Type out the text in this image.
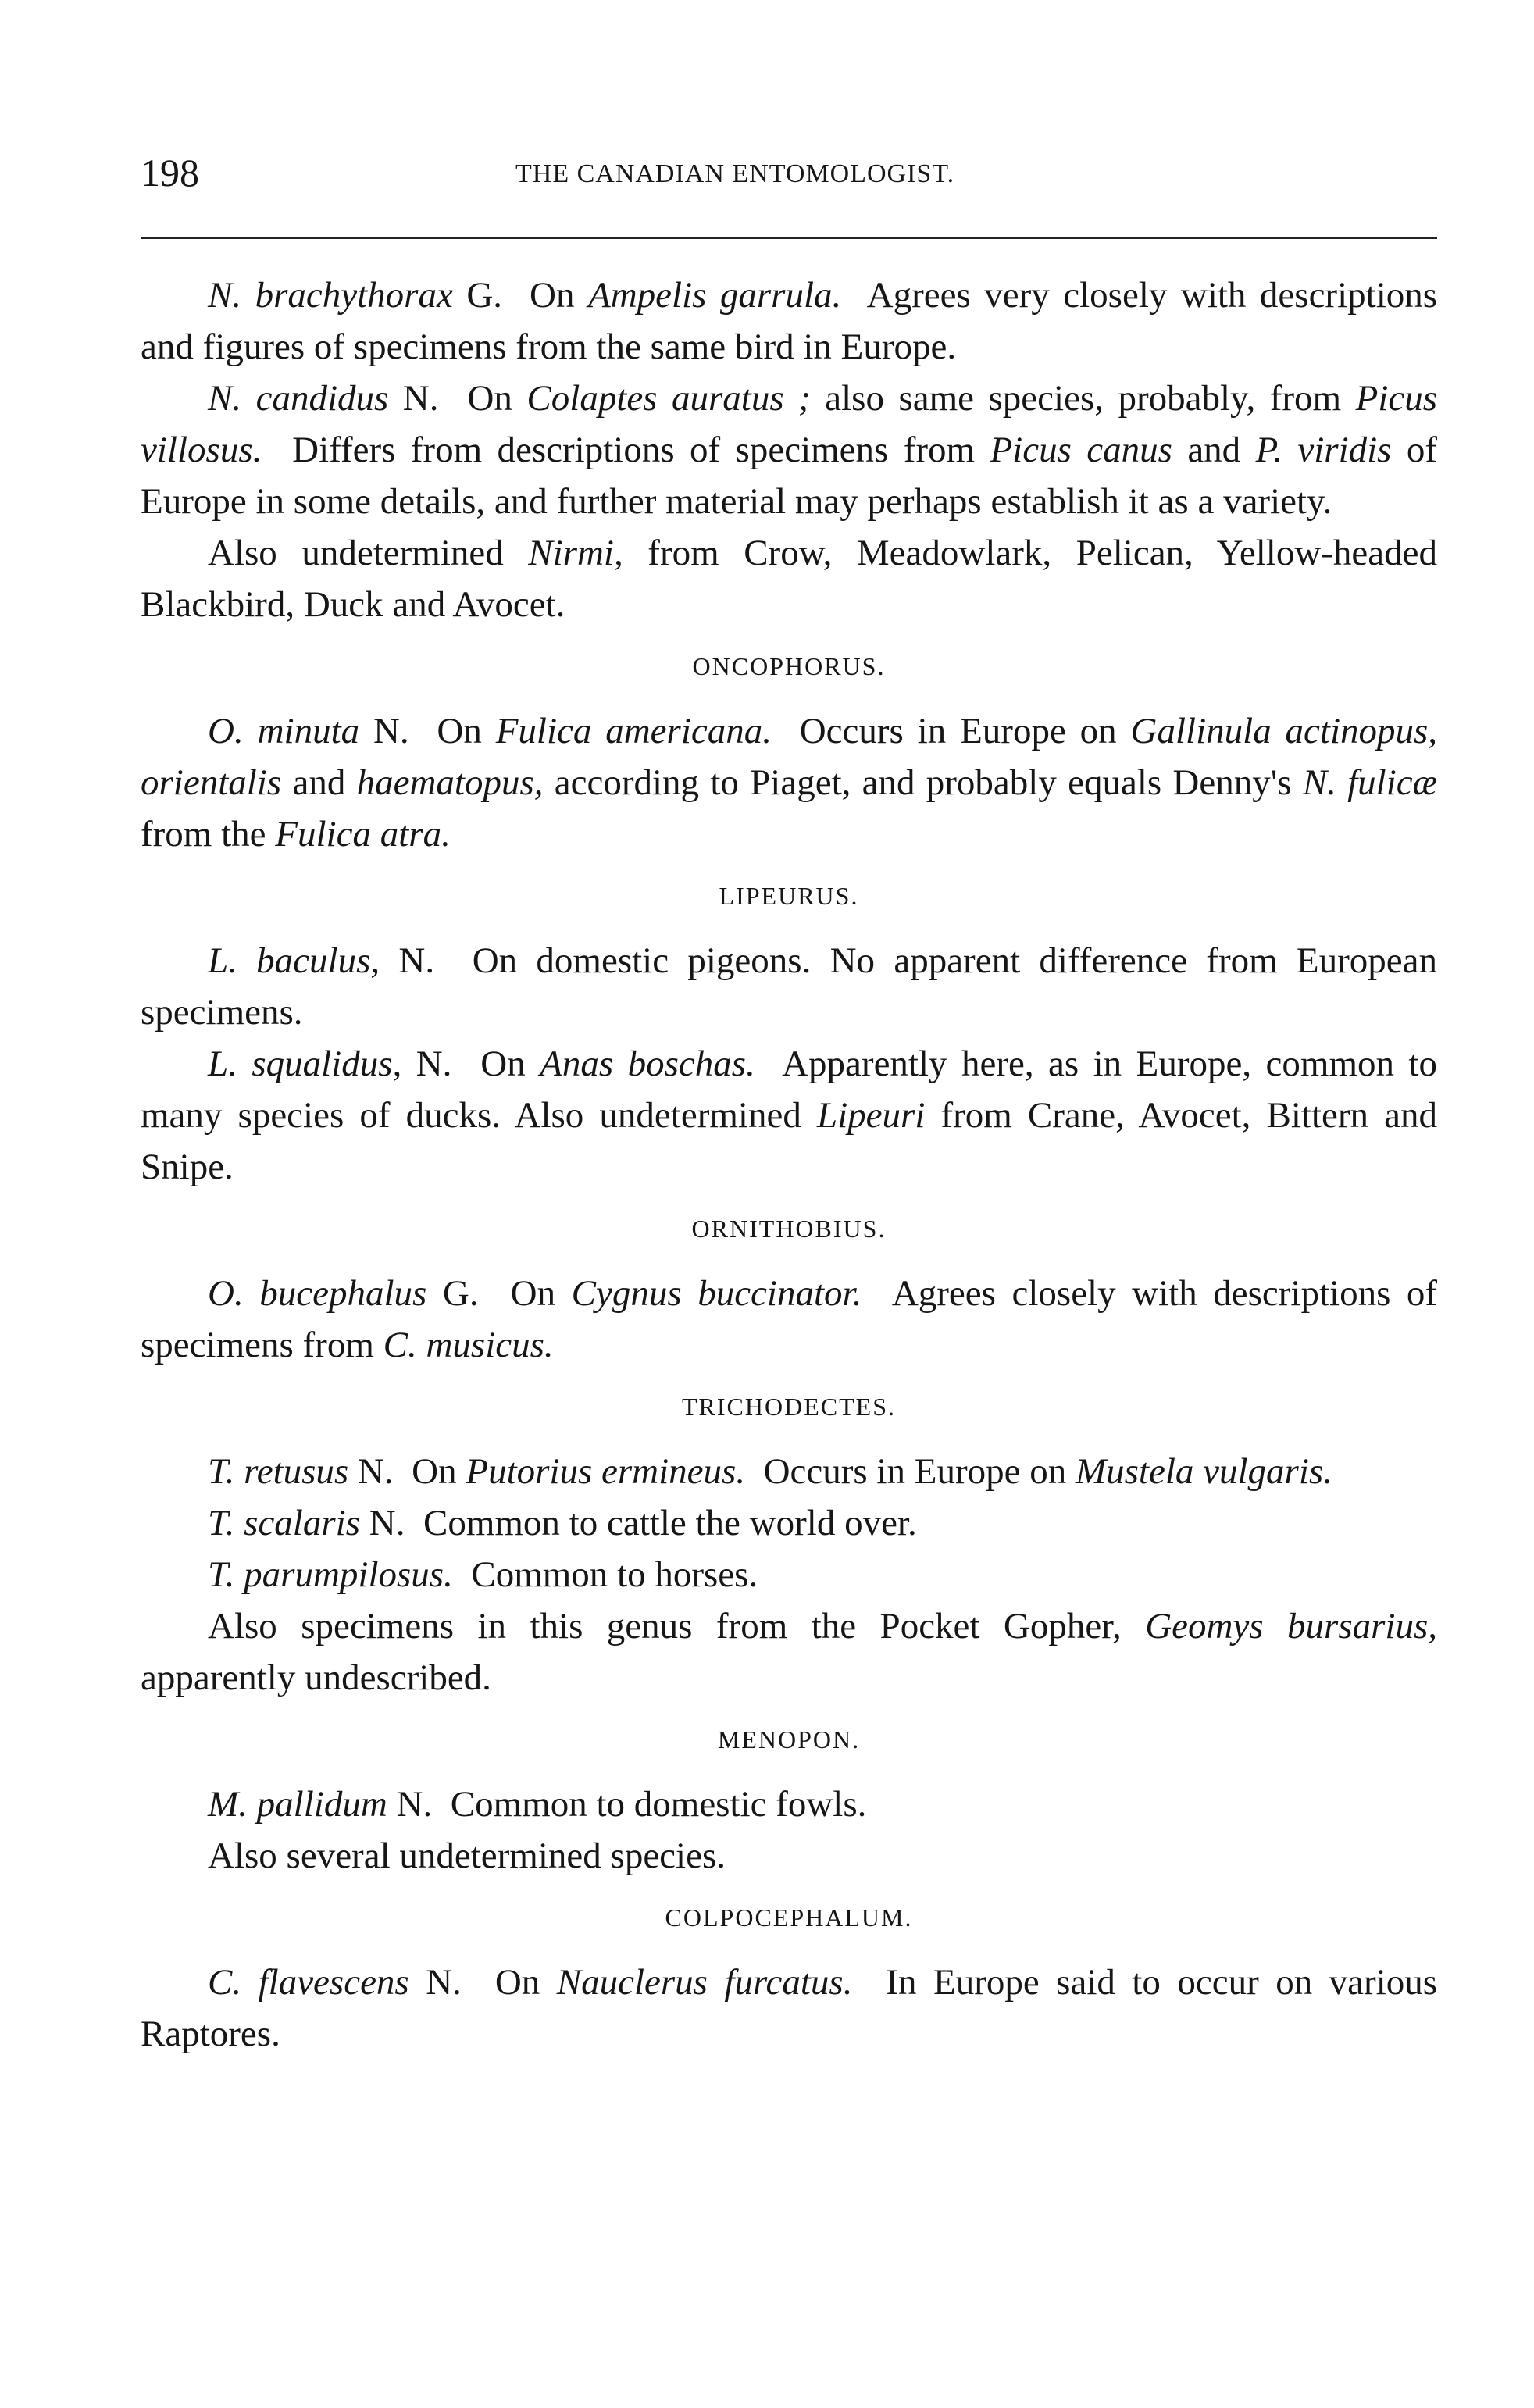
198	THE CANADIAN ENTOMOLOGIST.

N. brachythorax G. On Ampelis garrula. Agrees very closely with descriptions and figures of specimens from the same bird in Europe.

N. candidus N. On Colaptes auratus ; also same species, probably, from Picus villosus. Differs from descriptions of specimens from Picus canus and P. viridis of Europe in some details, and further material may perhaps establish it as a variety.

Also undetermined Nirmi, from Crow, Meadowlark, Pelican, Yellow-headed Blackbird, Duck and Avocet.

ONCOPHORUS.

O. minuta N. On Fulica americana. Occurs in Europe on Gallinula actinopus, orientalis and haematopus, according to Piaget, and probably equals Denny's N. fulicæ from the Fulica atra.

LIPEURUS.

L. baculus, N. On domestic pigeons. No apparent difference from European specimens.

L. squalidus, N. On Anas boschas. Apparently here, as in Europe, common to many species of ducks. Also undetermined Lipeuri from Crane, Avocet, Bittern and Snipe.

ORNITHOBIUS.

O. bucephalus G. On Cygnus buccinator. Agrees closely with descriptions of specimens from C. musicus.

TRICHODECTES.

T. retusus N. On Putorius ermineus. Occurs in Europe on Mustela vulgaris.

T. scalaris N. Common to cattle the world over.

T. parumpilosus. Common to horses.

Also specimens in this genus from the Pocket Gopher, Geomys bursarius, apparently undescribed.

MENOPON.

M. pallidum N. Common to domestic fowls.

Also several undetermined species.

COLPOCEPHALUM.

C. flavescens N. On Nauclerus furcatus. In Europe said to occur on various Raptores.
